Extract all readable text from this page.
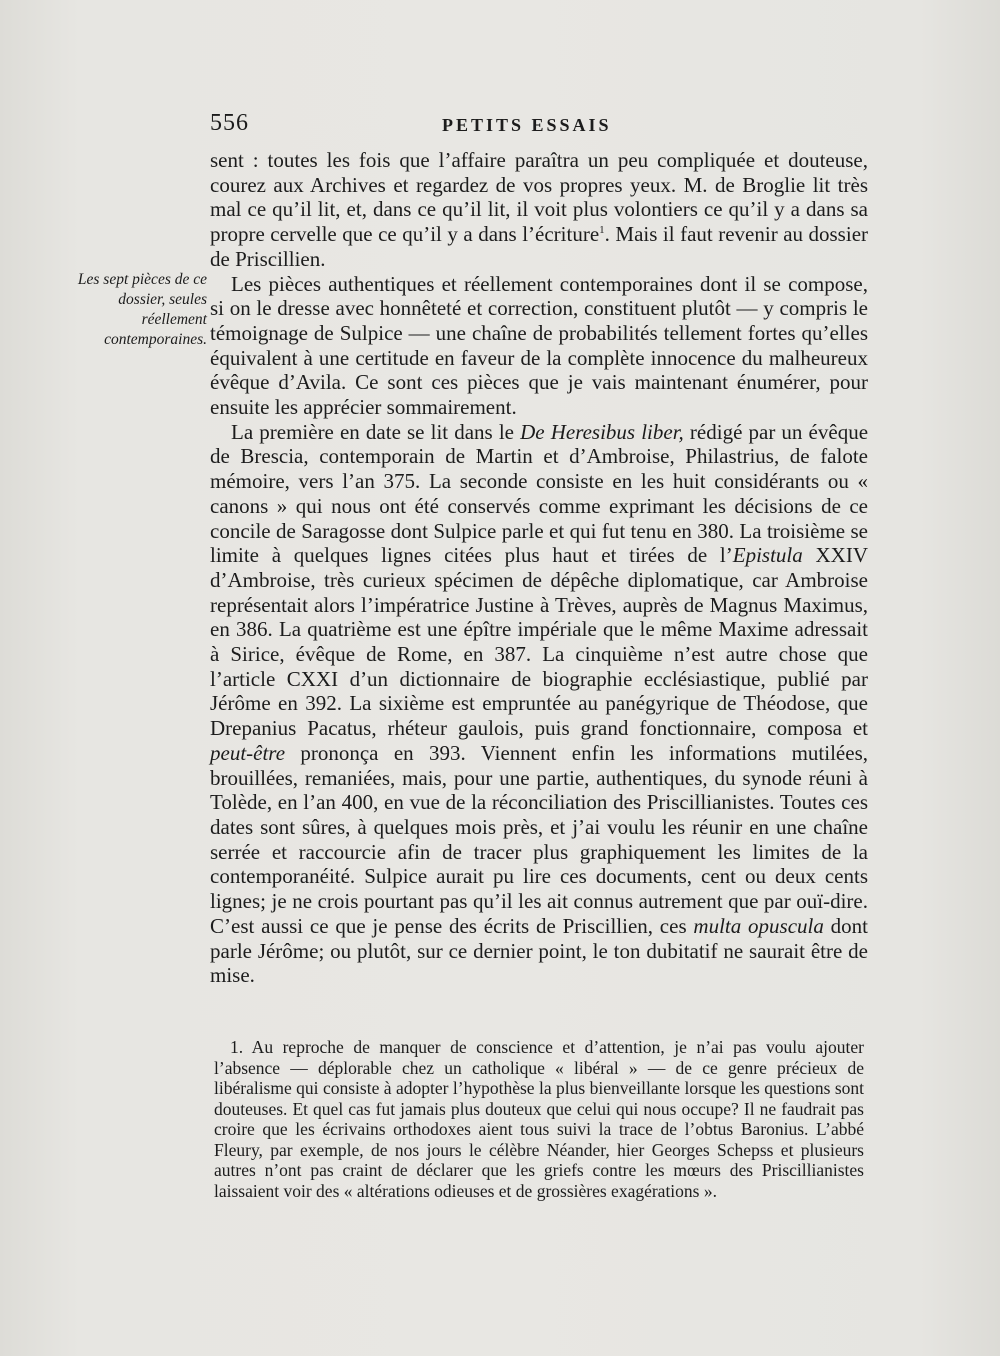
556	PETITS ESSAIS
Les sept pièces de ce dossier, seules réellement contemporaines.

sent : toutes les fois que l’affaire paraîtra un peu compliquée et douteuse, courez aux Archives et regardez de vos propres yeux. M. de Broglie lit très mal ce qu’il lit, et, dans ce qu’il lit, il voit plus volontiers ce qu’il y a dans sa propre cervelle que ce qu’il y a dans l’écriture$^1$. Mais il faut revenir au dossier de Priscillien.

Les pièces authentiques et réellement contemporaines dont il se compose, si on le dresse avec honnêteté et correction, constituent plutôt — y compris le témoignage de Sulpice — une chaîne de probabilités tellement fortes qu’elles équivalent à une certitude en faveur de la complète innocence du malheureux évêque d’Avila. Ce sont ces pièces que je vais maintenant énumérer, pour ensuite les apprécier sommairement.

La première en date se lit dans le De Heresibus liber, rédigé par un évêque de Brescia, contemporain de Martin et d’Ambroise, Philastrius, de falote mémoire, vers l’an 375. La seconde consiste en les huit considérants ou « canons » qui nous ont été conservés comme exprimant les décisions de ce concile de Saragosse dont Sulpice parle et qui fut tenu en 380. La troisième se limite à quelques lignes citées plus haut et tirées de l’Epistula XXIV d’Ambroise, très curieux spécimen de dépêche diplomatique, car Ambroise représentait alors l’impératrice Justine à Trèves, auprès de Magnus Maximus, en 386. La quatrième est une épître impériale que le même Maxime adressait à Sirice, évêque de Rome, en 387. La cinquième n’est autre chose que l’article CXXI d’un dictionnaire de biographie ecclésiastique, publié par Jérôme en 392. La sixième est empruntée au panégyrique de Théodose, que Drepanius Pacatus, rhéteur gaulois, puis grand fonctionnaire, composa et peut-être prononça en 393. Viennent enfin les informations mutilées, brouillées, remaniées, mais, pour une partie, authentiques, du synode réuni à Tolède, en l’an 400, en vue de la réconciliation des Priscillianistes. Toutes ces dates sont sûres, à quelques mois près, et j’ai voulu les réunir en une chaîne serrée et raccourcie afin de tracer plus graphiquement les limites de la contemporanéité. Sulpice aurait pu lire ces documents, cent ou deux cents lignes; je ne crois pourtant pas qu’il les ait connus autrement que par ouï-dire. C’est aussi ce que je pense des écrits de Priscillien, ces multa opuscula dont parle Jérôme; ou plutôt, sur ce dernier point, le ton dubitatif ne saurait être de mise.

1. Au reproche de manquer de conscience et d’attention, je n’ai pas voulu ajouter l’absence — déplorable chez un catholique « libéral » — de ce genre précieux de libéralisme qui consiste à adopter l’hypothèse la plus bienveillante lorsque les questions sont douteuses. Et quel cas fut jamais plus douteux que celui qui nous occupe? Il ne faudrait pas croire que les écrivains orthodoxes aient tous suivi la trace de l’obtus Baronius. L’abbé Fleury, par exemple, de nos jours le célèbre Néander, hier Georges Schepss et plusieurs autres n’ont pas craint de déclarer que les griefs contre les mœurs des Priscillianistes laissaient voir des « altérations odieuses et de grossières exagérations ».
